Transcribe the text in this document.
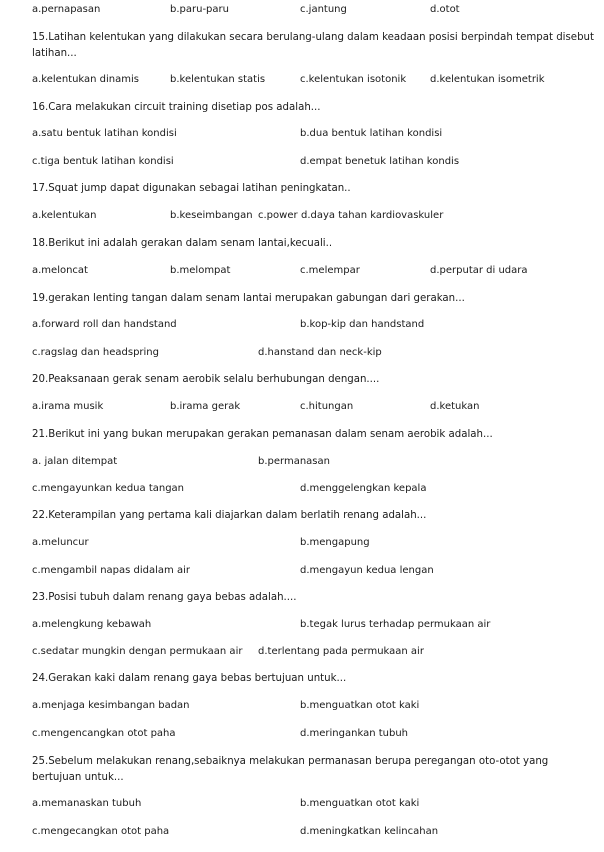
a.pernapasan	b.paru-paru	c.jantung	d.otot
15.Latihan kelentukan yang dilakukan secara berulang-ulang dalam keadaan posisi berpindah tempat disebut latihan...
a.kelentukan dinamis	b.kelentukan statis	c.kelentukan isotonik d.kelentukan isometrik
16.Cara melakukan circuit training disetiap pos adalah...
a.satu bentuk latihan kondisi	b.dua bentuk latihan kondisi
c.tiga bentuk latihan kondisi	d.empat benetuk latihan kondis
17.Squat jump dapat digunakan sebagai latihan peningkatan..
a.kelentukan	b.keseimbangan c.power d.daya tahan kardiovaskuler
18.Berikut ini adalah gerakan dalam senam lantai,kecuali..
a.meloncat	b.melompat	c.melempar	d.perputar di udara
19.gerakan lenting tangan dalam senam lantai merupakan gabungan dari gerakan...
a.forward roll dan handstand	b.kop-kip dan handstand
c.ragslag dan headspring	d.hanstand dan neck-kip
20.Peaksanaan gerak senam aerobik selalu berhubungan dengan....
a.irama musik	b.irama gerak	c.hitungan	d.ketukan
21.Berikut ini yang bukan merupakan gerakan pemanasan dalam senam aerobik adalah...
a. jalan ditempat	b.permanasan
c.mengayunkan kedua tangan	d.menggelengkan kepala
22.Keterampilan yang pertama kali diajarkan dalam berlatih renang adalah...
a.meluncur	b.mengapung
c.mengambil napas didalam air	d.mengayun kedua lengan
23.Posisi tubuh dalam renang gaya bebas adalah....
a.melengkung kebawah	b.tegak lurus terhadap permukaan air
c.sedatar mungkin dengan permukaan air d.terlentang pada permukaan air
24.Gerakan kaki dalam renang gaya bebas bertujuan untuk...
a.menjaga kesimbangan badan	b.menguatkan otot kaki
c.mengencangkan otot paha	d.meringankan tubuh
25.Sebelum melakukan renang,sebaiknya melakukan permanasan berupa peregangan oto-otot yang bertujuan untuk...
a.memanaskan tubuh	b.menguatkan otot kaki
c.mengecangkan otot paha	d.meningkatkan kelincahan
